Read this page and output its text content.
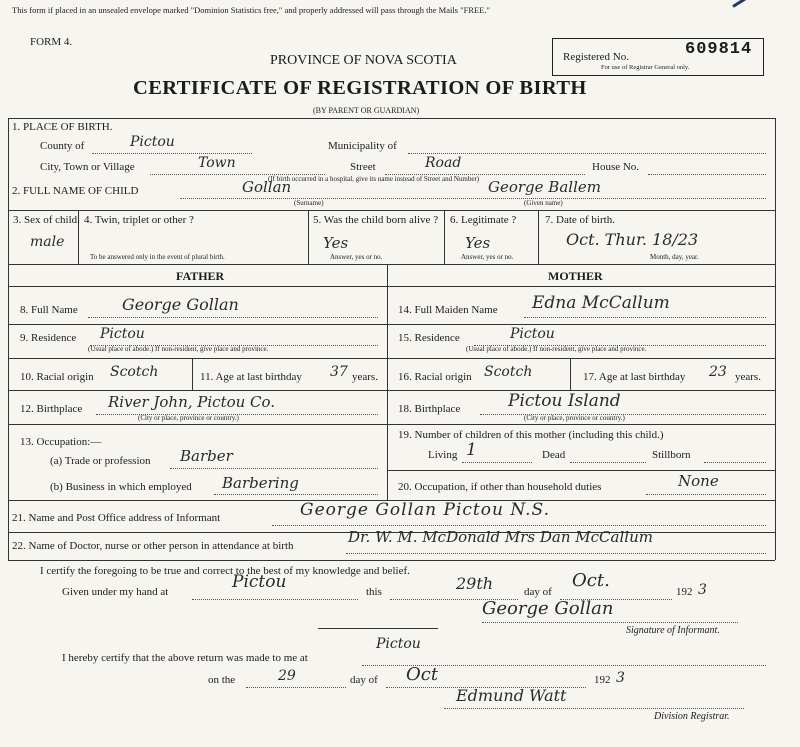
This form if placed in an unsealed envelope marked "Dominion Statistics free," and properly addressed will pass through the Mails "FREE."
FORM 4.
PROVINCE OF NOVA SCOTIA
CERTIFICATE OF REGISTRATION OF BIRTH
(BY PARENT OR GUARDIAN)
Registered No.	609814
For use of Registrar General only.
1. PLACE OF BIRTH.
County of	Pictou	Municipality of
City, Town or Village	Town	Street	Road	House No.
(If birth occurred in a hospital, give its name instead of Street and Number)
2. FULL NAME OF CHILD	Gollan	George Ballem
(Surname)	(Given name)
3. Sex of child.
male
4. Twin, triplet or other ?
To be answered only in the event of plural birth.
5. Was the child born alive ?
Yes
Answer, yes or no.
6. Legitimate ?
Yes
Answer, yes or no.
7. Date of birth.
Oct. Thur. 18/23
Month, day, year.
FATHER	MOTHER
8. Full Name	George Gollan
9. Residence Pictou
(Usual place of abode.) If non-resident, give place and province.
10. Racial origin Scotch	11. Age at last birthday 37 years.
12. Birthplace River John, Pictou Co.
(City or place, province or country.)
13. Occupation:—
(a) Trade or profession Barber
(b) Business in which employed Barbering
14. Full Maiden Name Edna McCallum
15. Residence	Pictou
(Usual place of abode.) If non-resident, give place and province.
16. Racial origin Scotch	17. Age at last birthday 23 years.
18. Birthplace	Pictou Island
(City or place, province or country.)
19. Number of children of this mother (including this child.)
Living 1	Dead	Stillborn
20. Occupation, if other than household duties	None
21. Name and Post Office address of Informant	George Gollan Pictou N.S.
22. Name of Doctor, nurse or other person in attendance at birth	Dr. W. M. McDonald Mrs Dan McCallum
I certify the foregoing to be true and correct to the best of my knowledge and belief.
Given under my hand at	Pictou	this	29th	day of
Oct.
192 3
George Gollan
Signature of Informant.
I hereby certify that the above return was made to me at
Pictou
on the	29	day of Oct	192 3
Edmund Watt
Division Registrar.
